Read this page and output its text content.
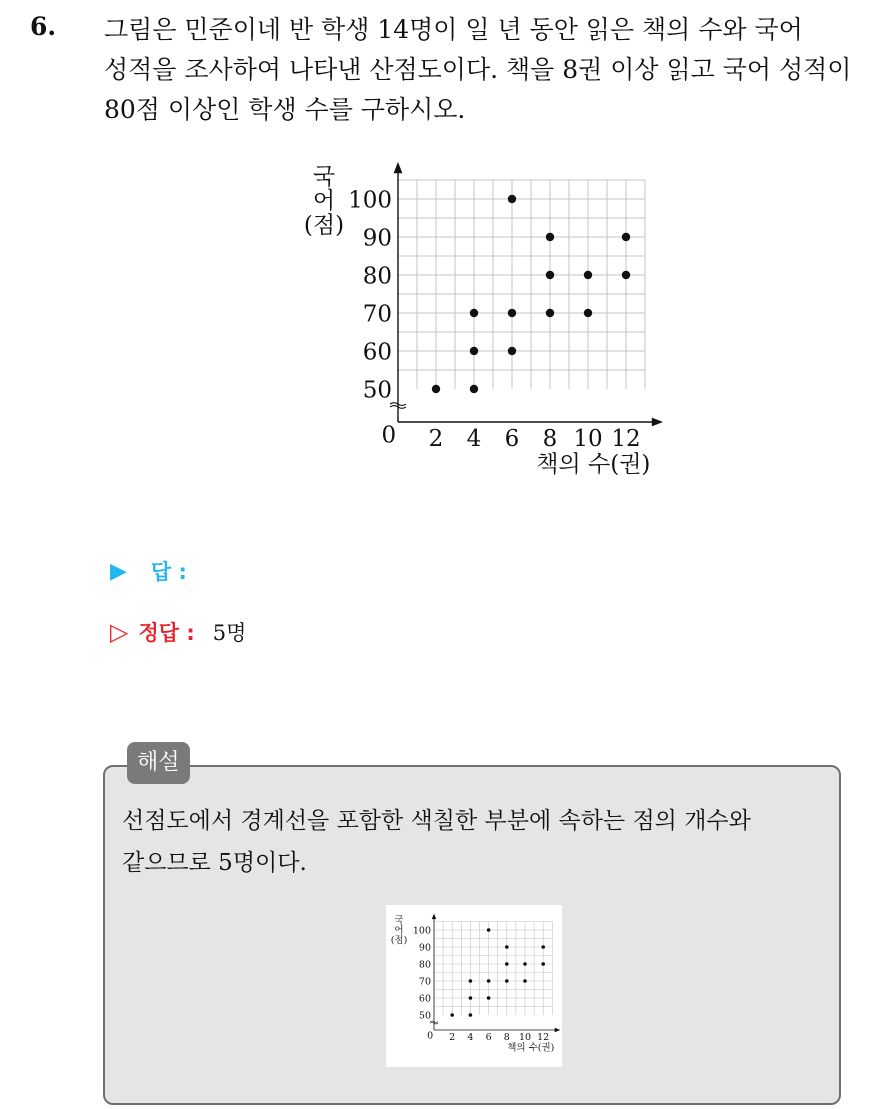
6. 그림은 민준이네 반 학생 14명이 일 년 동안 읽은 책의 수와 국어
성적을 조사하여 나타낸 산점도이다. 책을 8권 이상 읽고 국어 성적이
80점 이상인 학생 수를 구하시오.
50
60
70
80
90
100
2 4 6 8 10 12
0
책의 수(권)
국
어
(점)
▶ 답 :
▷ 정답 : 5명
해설
선점도에서 경계선을 포함한 색칠한 부분에 속하는 점의 개수와
같으므로 5명이다.
50
60
70
80
90
100
2 4 6 8 10 12
0
책의 수(권)
국
어
(점)
